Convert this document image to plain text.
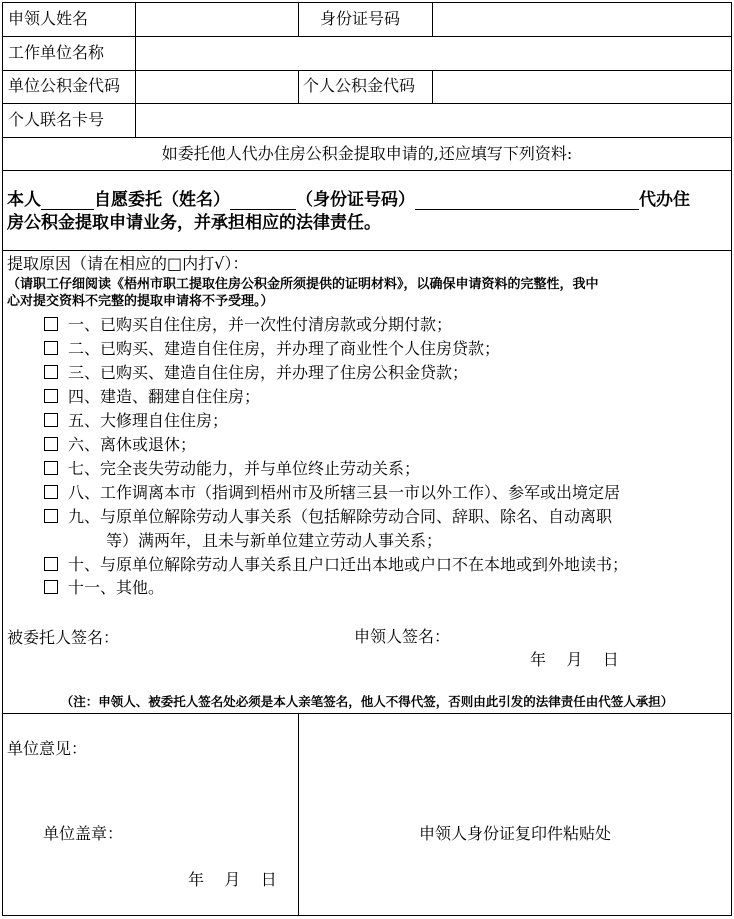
申领人姓名	身份证号码
工作单位名称
单位公积金代码	个人公积金代码
个人联名卡号
如委托他人代办住房公积金提取申请的,还应填写下列资料:
本人	自愿委托（姓名）	（身份证号码）	代办住
房公积金提取申请业务，并承担相应的法律责任。
提取原因（请在相应的□内打√）：
（请职工仔细阅读《梧州市职工提取住房公积金所须提供的证明材料》，以确保申请资料的完整性，我中
心对提交资料不完整的提取申请将不予受理。）
一、已购买自住住房，并一次性付清房款或分期付款；
二、已购买、建造自住住房，并办理了商业性个人住房贷款；
三、已购买、建造自住住房，并办理了住房公积金贷款；
四、建造、翻建自住住房；
五、大修理自住住房；
六、离休或退休；
七、完全丧失劳动能力，并与单位终止劳动关系；
八、工作调离本市（指调到梧州市及所辖三县一市以外工作）、参军或出境定居
九、与原单位解除劳动人事关系（包括解除劳动合同、辞职、除名、自动离职
等）满两年，且未与新单位建立劳动人事关系；
十、与原单位解除劳动人事关系且户口迁出本地或户口不在本地或到外地读书；
十一、其他。
被委托人签名：	申领人签名：
年    月    日
（注：申领人、被委托人签名处必须是本人亲笔签名，他人不得代签，否则由此引发的法律责任由代签人承担）
单位意见：
单位盖章：
年    月    日
申领人身份证复印件粘贴处
